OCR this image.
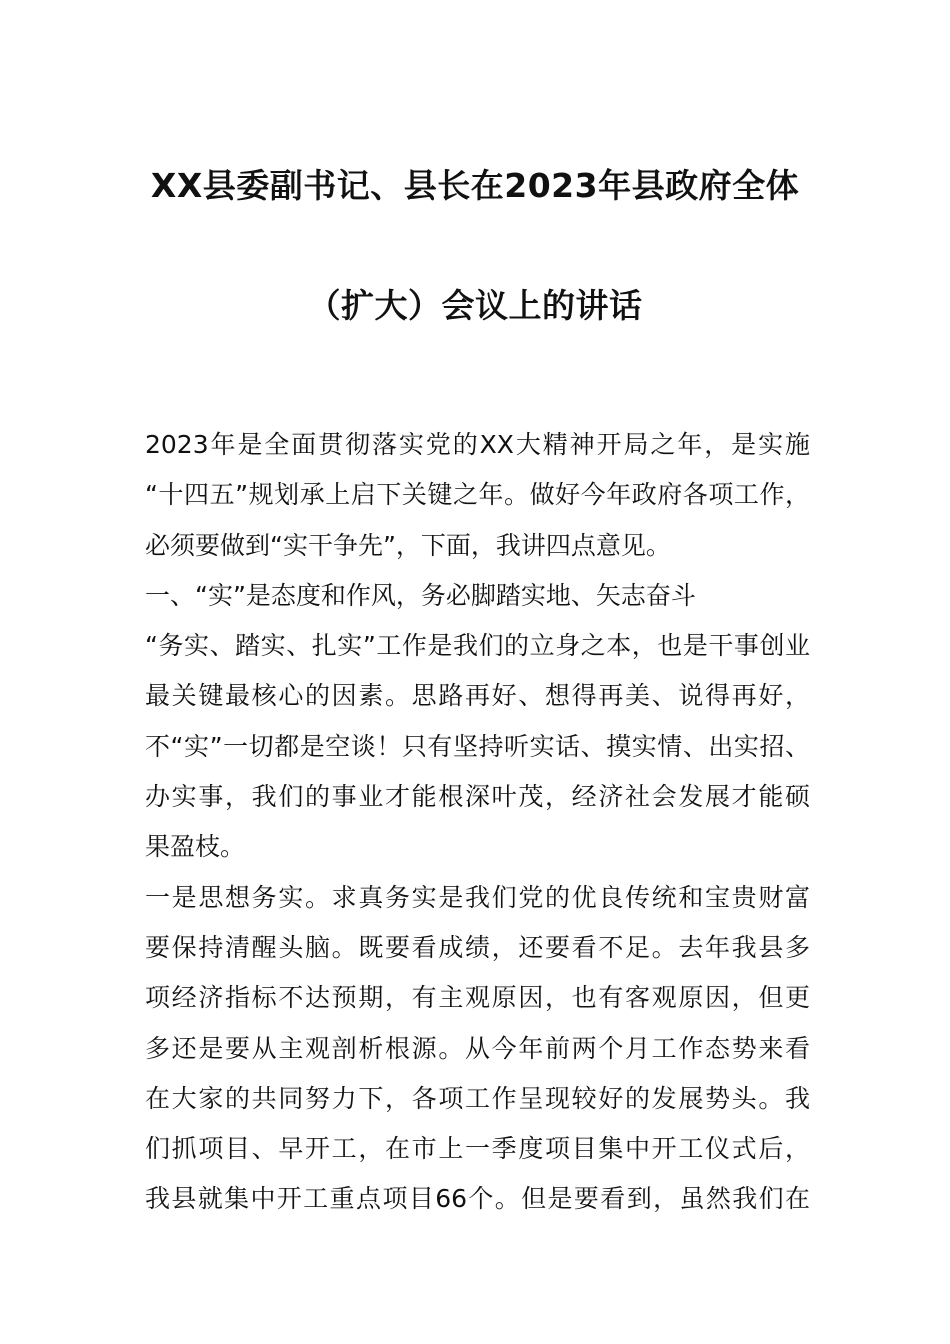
XX县委副书记、县长在2023年县政府全体
（扩大）会议上的讲话
2023年是全面贯彻落实党的XX大精神开局之年，是实施
“十四五”规划承上启下关键之年。做好今年政府各项工作，
必须要做到“实干争先”，下面，我讲四点意见。
一、“实”是态度和作风，务必脚踏实地、矢志奋斗
“务实、踏实、扎实”工作是我们的立身之本，也是干事创业
最关键最核心的因素。思路再好、想得再美、说得再好，
不“实”一切都是空谈！只有坚持听实话、摸实情、出实招、
办实事，我们的事业才能根深叶茂，经济社会发展才能硕
果盈枝。
一是思想务实。求真务实是我们党的优良传统和宝贵财富
要保持清醒头脑。既要看成绩，还要看不足。去年我县多
项经济指标不达预期，有主观原因，也有客观原因，但更
多还是要从主观剖析根源。从今年前两个月工作态势来看
在大家的共同努力下，各项工作呈现较好的发展势头。我
们抓项目、早开工，在市上一季度项目集中开工仪式后，
我县就集中开工重点项目66个。但是要看到，虽然我们在
